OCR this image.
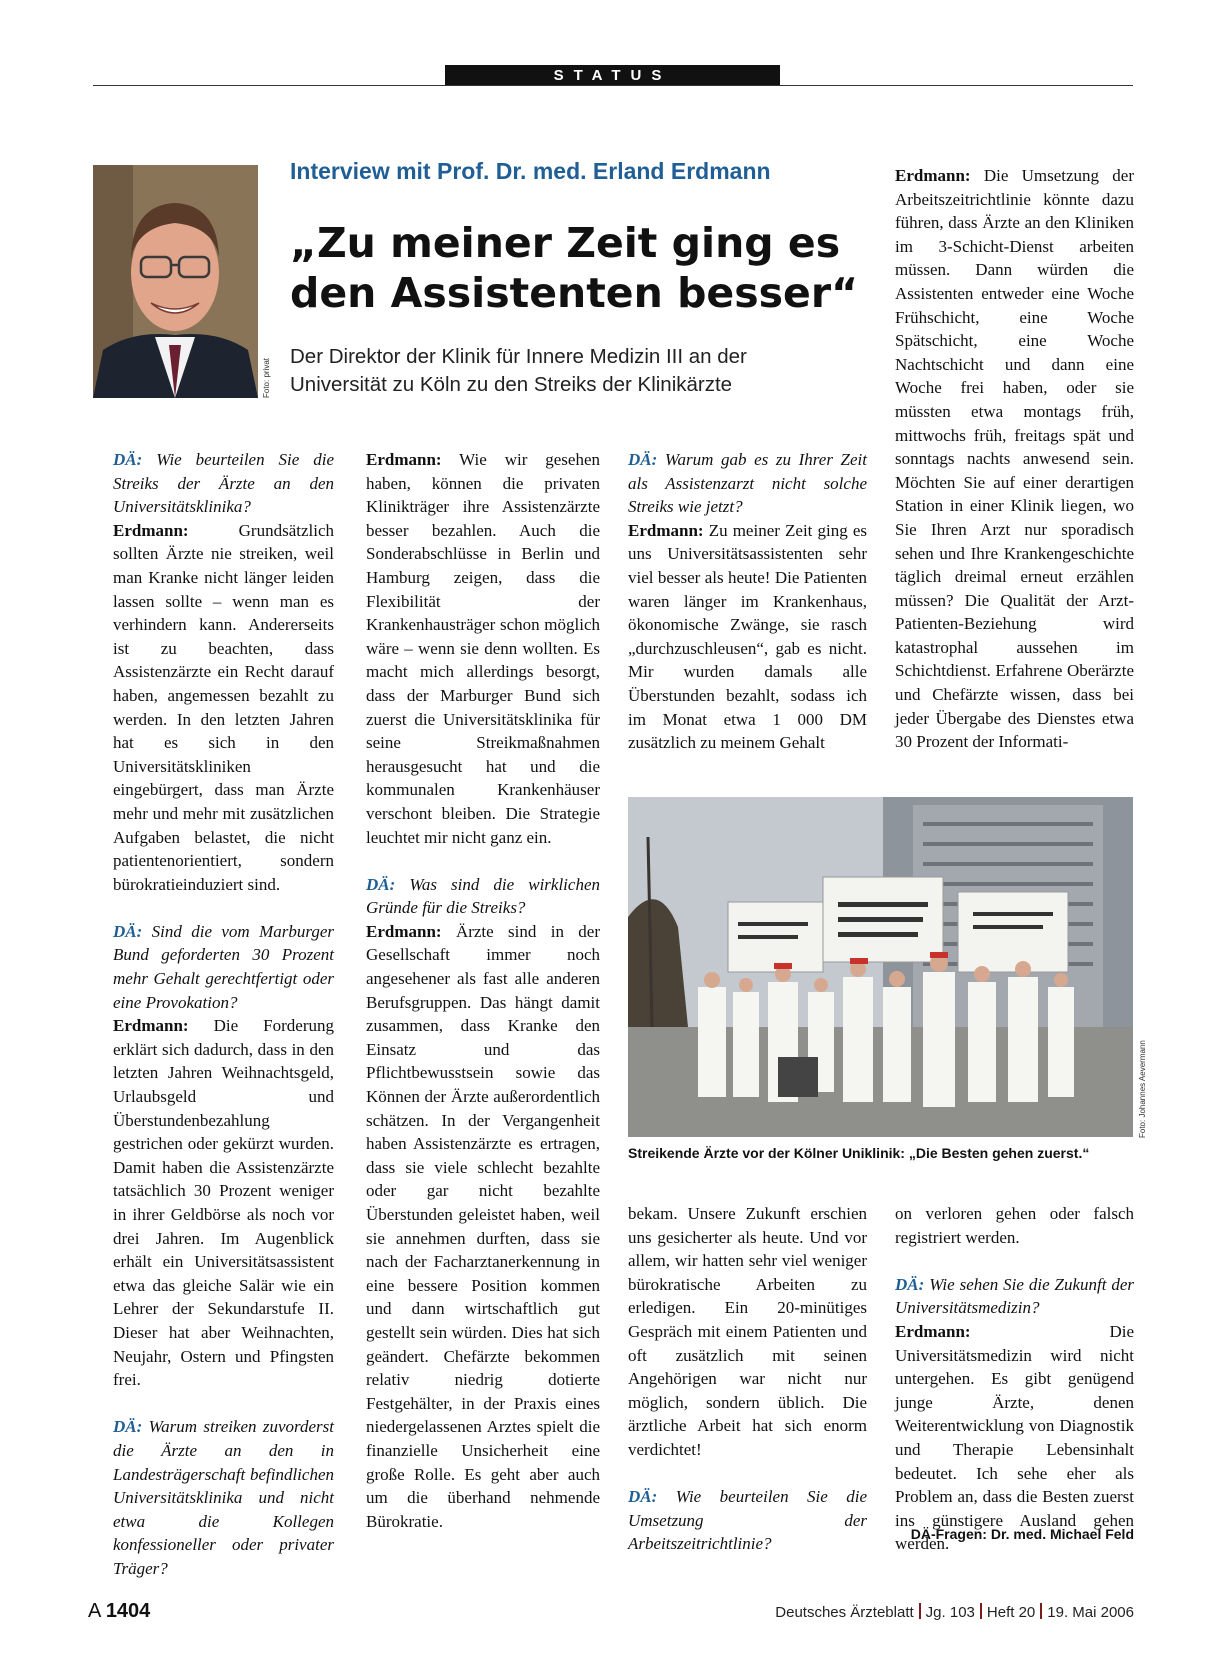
STATUS
Foto: privat
Interview mit Prof. Dr. med. Erland Erdmann
„Zu meiner Zeit ging es
den Assistenten besser“
Der Direktor der Klinik für Innere Medizin III an der
Universität zu Köln zu den Streiks der Klinikärzte

DÄ: Wie beurteilen Sie die Streiks der Ärzte an den Universitätsklinika?

Erdmann:	Grundsätzlich sollten Ärzte nie streiken, weil man Kranke nicht länger leiden lassen sollte – wenn man es verhindern kann. Andererseits ist zu beachten, dass Assistenzärzte ein Recht darauf haben, angemessen bezahlt zu werden. In den letzten Jahren hat es sich in den Universitätskliniken eingebürgert, dass man Ärzte mehr und mehr mit zusätzlichen Aufgaben belastet, die nicht patientenorientiert, sondern bürokratieinduziert sind.

DÄ: Sind die vom Marburger Bund geforderten 30 Prozent mehr Gehalt gerechtfertigt oder eine Provokation?

Erdmann: Die Forderung erklärt sich dadurch, dass in den letzten Jahren Weihnachtsgeld, Urlaubsgeld und Überstundenbezahlung gestrichen oder gekürzt wurden. Damit haben die Assistenzärzte tatsächlich 30 Prozent weniger in ihrer Geldbörse als noch vor drei Jahren. Im Augenblick erhält ein Universitätsassistent etwa das gleiche Salär wie ein Lehrer der Sekundarstufe II. Dieser hat aber Weihnachten, Neujahr, Ostern und Pfingsten frei.

DÄ: Warum streiken zuvorderst die Ärzte an den in Landesträgerschaft befindlichen Universitätsklinika und nicht etwa die Kollegen konfessioneller oder privater Träger?

Erdmann: Wie wir gesehen haben, können die privaten Klinikträger ihre Assistenzärzte besser bezahlen. Auch die Sonderabschlüsse in Berlin und Hamburg zeigen, dass die Flexibilität der Krankenhausträger schon möglich wäre – wenn sie denn wollten. Es macht mich allerdings besorgt, dass der Marburger Bund sich zuerst die Universitätsklinika für seine Streikmaßnahmen herausgesucht hat und die kommunalen Krankenhäuser verschont bleiben. Die Strategie leuchtet mir nicht ganz ein.

DÄ: Was sind die wirklichen Gründe für die Streiks?

Erdmann: Ärzte sind in der Gesellschaft immer noch angesehener als fast alle anderen Berufsgruppen. Das hängt damit zusammen, dass Kranke den Einsatz und das Pflichtbewusstsein sowie das Können der Ärzte außerordentlich schätzen. In der Vergangenheit haben Assistenzärzte es ertragen, dass sie viele schlecht bezahlte oder gar nicht bezahlte Überstunden geleistet haben, weil sie annehmen durften, dass sie nach der Facharztanerkennung in eine bessere Position kommen und dann wirtschaftlich gut gestellt sein würden. Dies hat sich geändert. Chefärzte bekommen relativ niedrig dotierte Festgehälter, in der Praxis eines niedergelassenen Arztes spielt die finanzielle Unsicherheit eine große Rolle. Es geht aber auch um die überhand nehmende Bürokratie.

DÄ: Warum gab es zu Ihrer Zeit als Assistenzarzt nicht solche Streiks wie jetzt?

Erdmann: Zu meiner Zeit ging es uns Universitätsassistenten sehr viel besser als heute! Die Patienten waren länger im Krankenhaus, ökonomische Zwänge, sie rasch „durchzuschleusen“, gab es nicht. Mir wurden damals alle Überstunden bezahlt, sodass ich im Monat etwa 1 000 DM zusätzlich zu meinem Gehalt

Erdmann: Die Umsetzung der Arbeitszeitrichtlinie könnte dazu führen, dass Ärzte an den Kliniken im 3-Schicht-Dienst arbeiten müssen. Dann würden die Assistenten entweder eine Woche Frühschicht, eine Woche Spätschicht, eine Woche Nachtschicht und dann eine Woche frei haben, oder sie müssten etwa montags früh, mittwochs früh, freitags spät und sonntags nachts anwesend sein. Möchten Sie auf einer derartigen Station in einer Klinik liegen, wo Sie Ihren Arzt nur sporadisch sehen und Ihre Krankengeschichte täglich dreimal erneut erzählen müssen? Die Qualität der Arzt-Patienten-Beziehung wird katastrophal aussehen im Schichtdienst. Erfahrene Oberärzte und Chefärzte wissen, dass bei jeder Übergabe des Dienstes etwa 30 Prozent der Informati-

Foto: Johannes Aevermann
Streikende Ärzte vor der Kölner Uniklinik: „Die Besten gehen zuerst.“

bekam. Unsere Zukunft erschien uns gesicherter als heute. Und vor allem, wir hatten sehr viel weniger bürokratische Arbeiten zu erledigen. Ein 20-minütiges Gespräch mit einem Patienten und oft zusätzlich mit seinen Angehörigen war nicht nur möglich, sondern üblich. Die ärztliche Arbeit hat sich enorm verdichtet!

DÄ: Wie beurteilen Sie die Umsetzung der Arbeitszeitrichtlinie?

on verloren gehen oder falsch registriert werden.

DÄ: Wie sehen Sie die Zukunft der Universitätsmedizin?

Erdmann:	Die Universitätsmedizin wird nicht untergehen. Es gibt genügend junge Ärzte, denen Weiterentwicklung von Diagnostik und Therapie Lebensinhalt bedeutet. Ich sehe eher als Problem an, dass die Besten zuerst ins günstigere Ausland gehen werden.

DÄ-Fragen: Dr. med. Michael Feld
A 1404	Deutsches Ärzteblatt Jg. 103 Heft 20 19. Mai 2006
